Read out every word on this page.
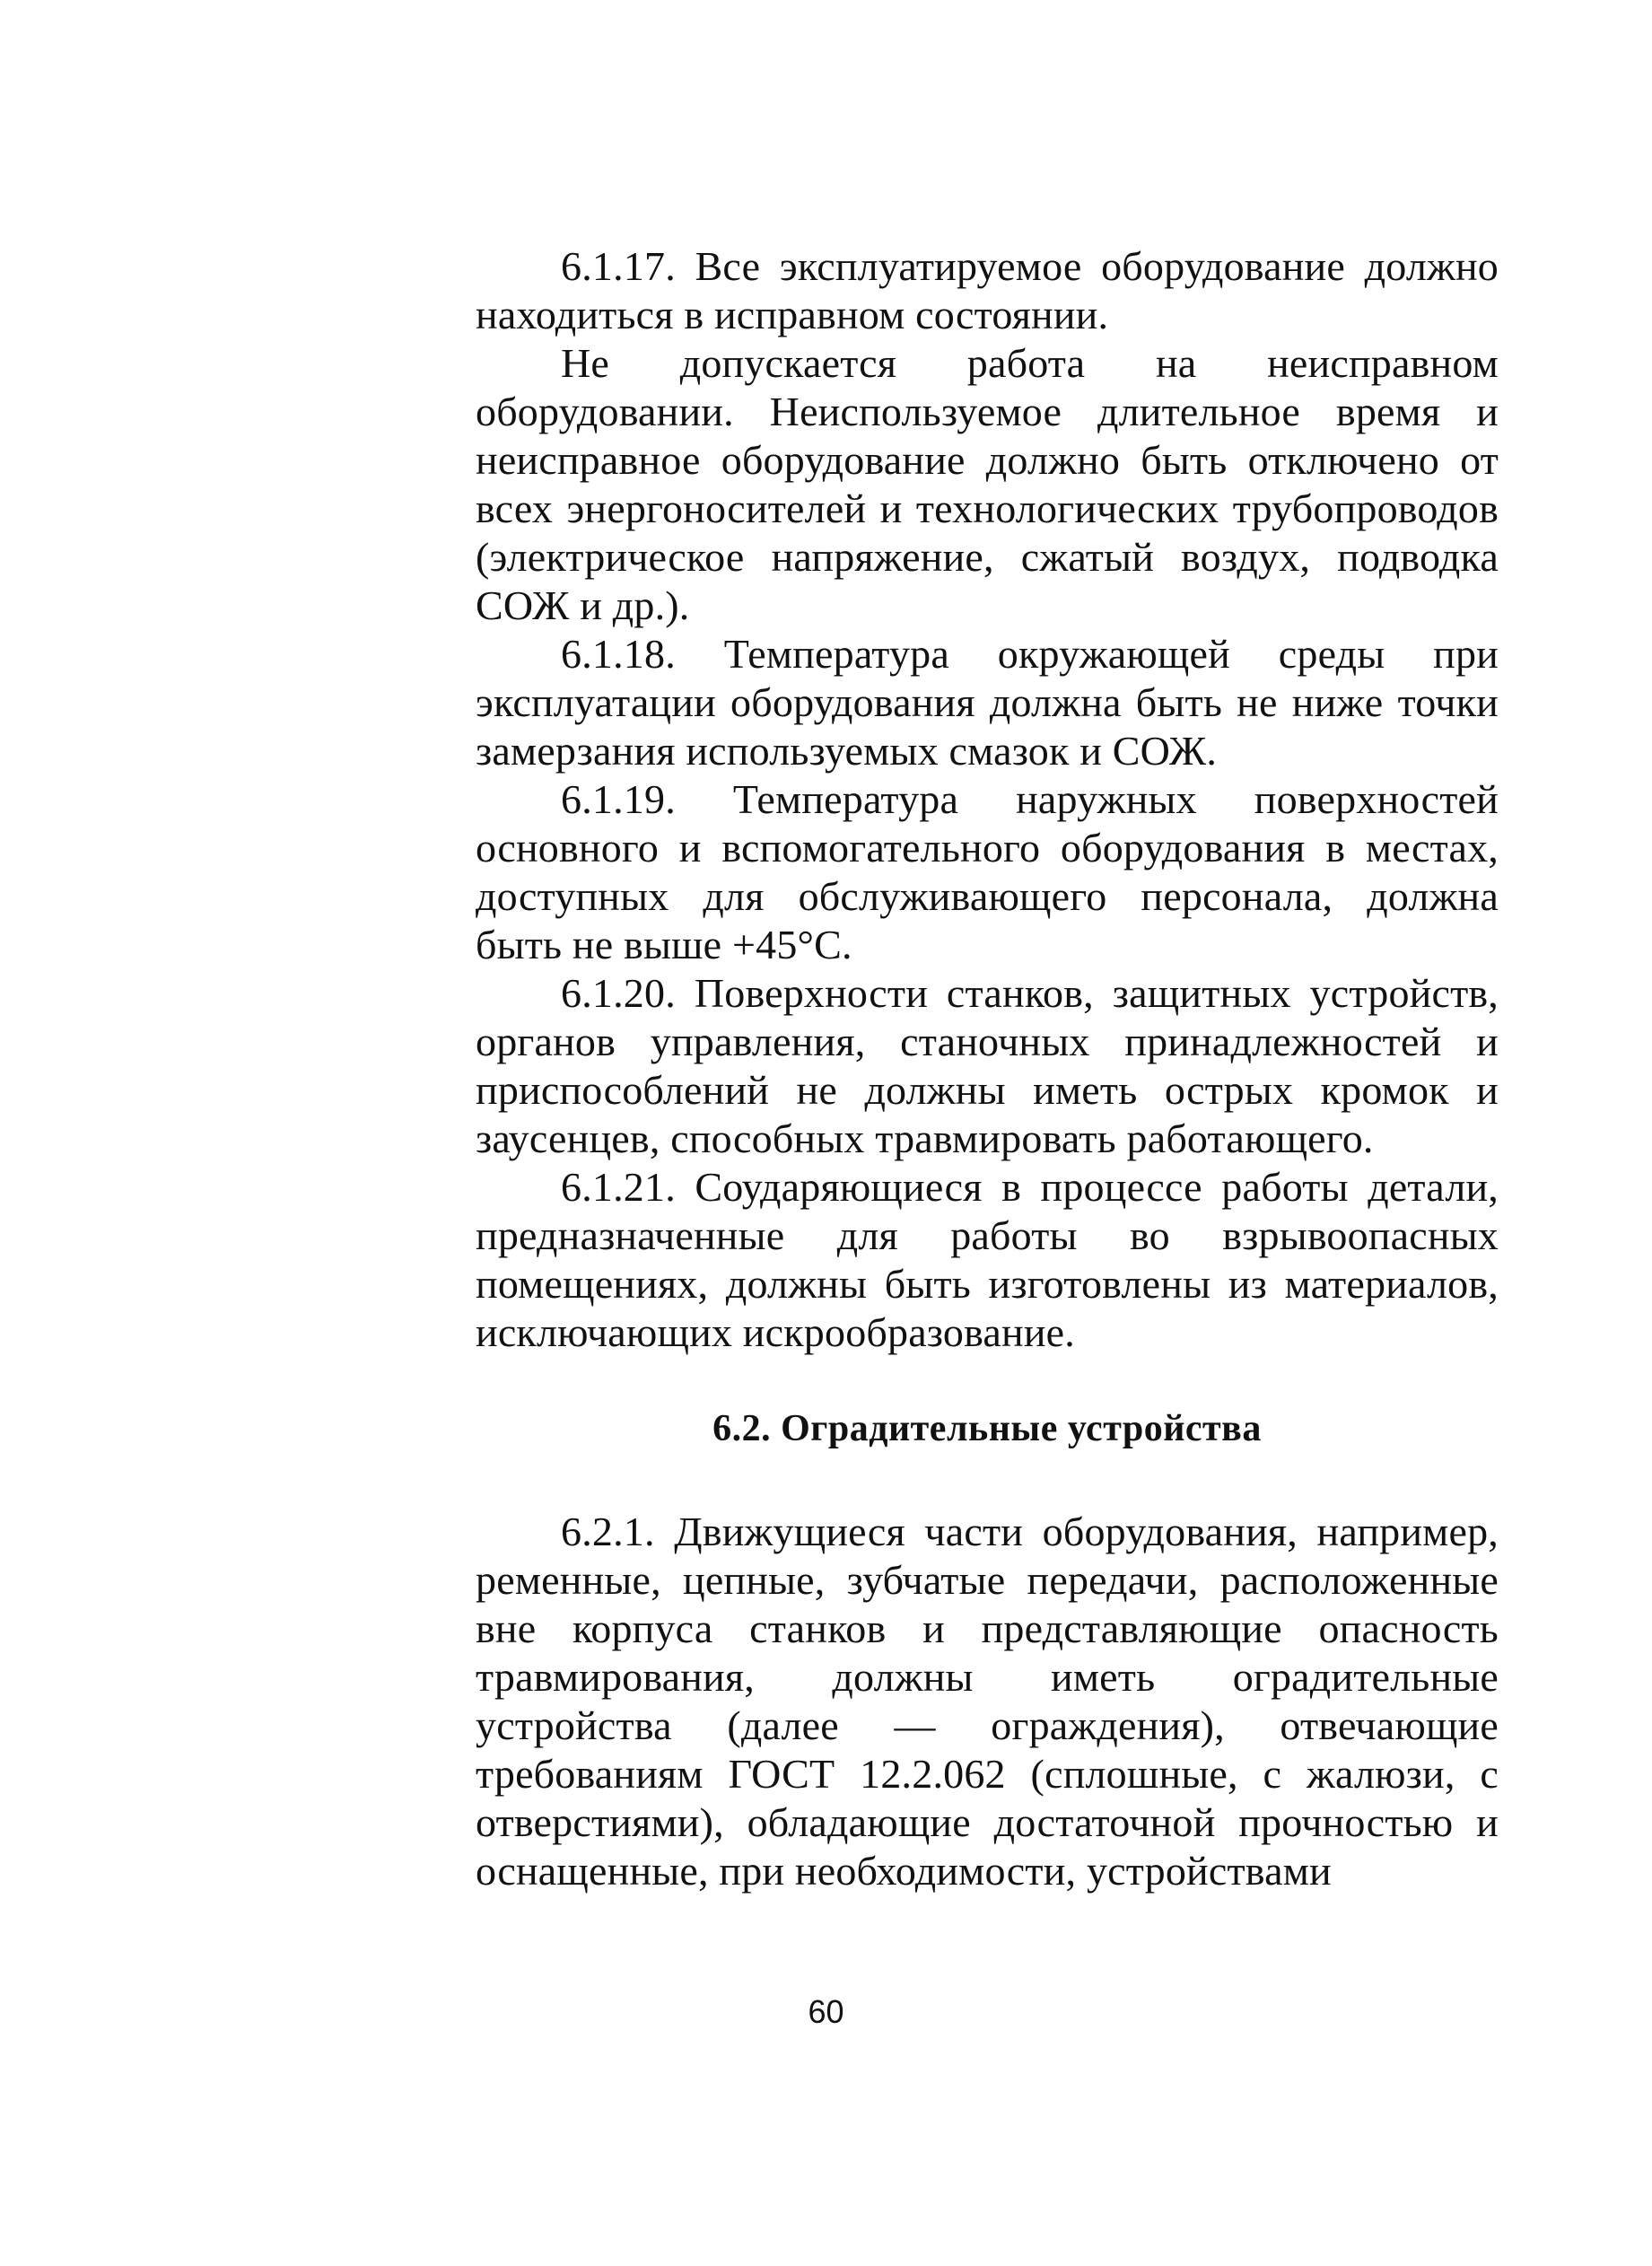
6.1.17. Все эксплуатируемое оборудование должно находиться в исправном состоянии.

Не допускается работа на неисправном оборудовании. Неиспользуемое длительное время и неисправное оборудование должно быть отключено от всех энергоносителей и технологических трубопроводов (электрическое напряжение, сжатый воздух, подводка СОЖ и др.).

6.1.18. Температура окружающей среды при эксплуатации оборудования должна быть не ниже точки замерзания используемых смазок и СОЖ.

6.1.19. Температура наружных поверхностей основного и вспомогательного оборудования в местах, доступных для обслуживающего персонала, должна быть не выше +45°C.

6.1.20. Поверхности станков, защитных устройств, органов управления, станочных принадлежностей и приспособлений не должны иметь острых кромок и заусенцев, способных травмировать работающего.

6.1.21. Соударяющиеся в процессе работы детали, предназначенные для работы во взрывоопасных помещениях, должны быть изготовлены из материалов, исключающих искрообразование.

6.2. Оградительные устройства

6.2.1. Движущиеся части оборудования, например, ременные, цепные, зубчатые передачи, расположенные вне корпуса станков и представляющие опасность травмирования, должны иметь оградительные устройства (далее — ограждения), отвечающие требованиям ГОСТ 12.2.062 (сплошные, с жалюзи, с отверстиями), обладающие достаточной прочностью и оснащенные, при необходимости, устройствами

60
